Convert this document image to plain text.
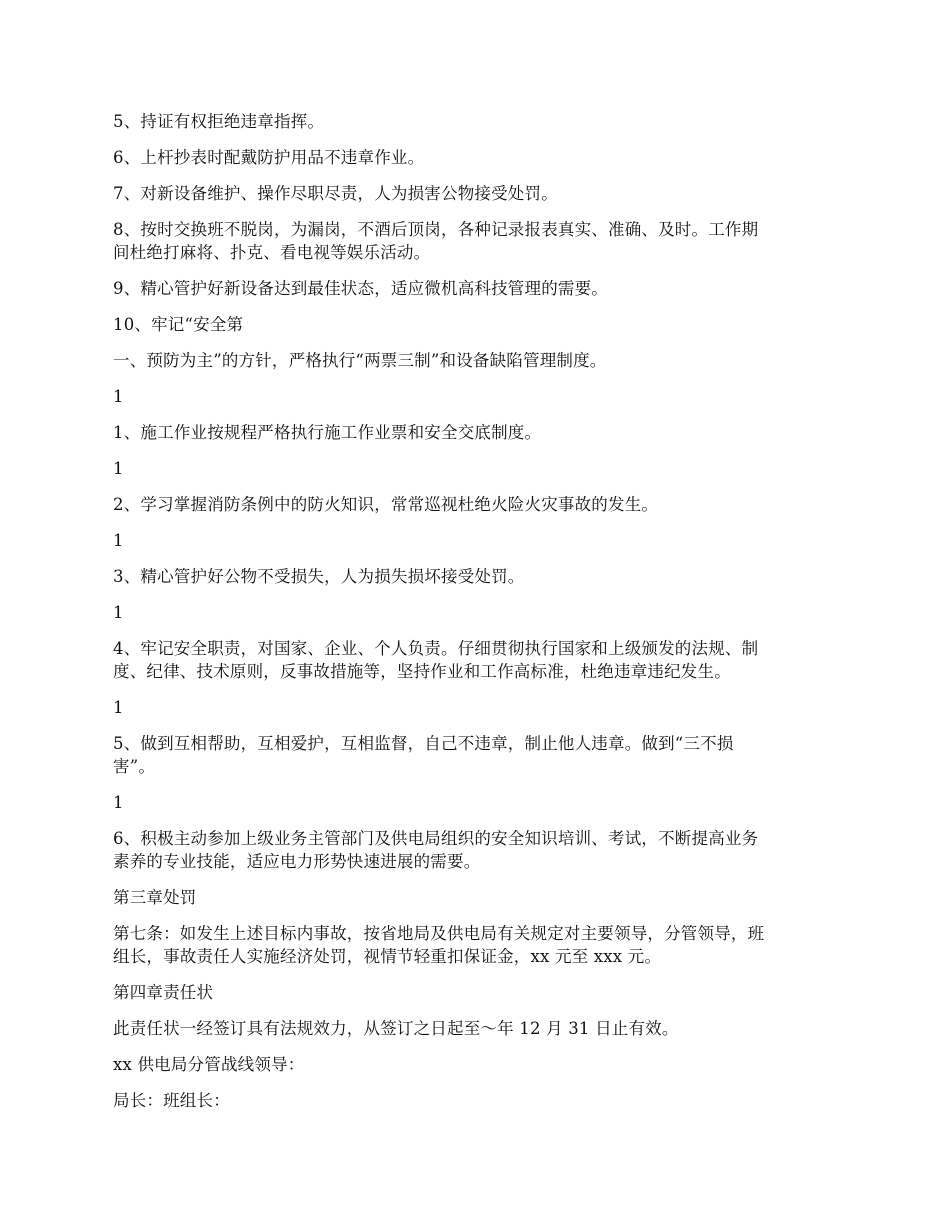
5、持证有权拒绝违章指挥。

6、上杆抄表时配戴防护用品不违章作业。

7、对新设备维护、操作尽职尽责，人为损害公物接受处罚。

8、按时交换班不脱岗，为漏岗，不酒后顶岗，各种记录报表真实、准确、及时。工作期
间杜绝打麻将、扑克、看电视等娱乐活动。

9、精心管护好新设备达到最佳状态，适应微机高科技管理的需要。

10、牢记“安全第

一、预防为主”的方针，严格执行“两票三制”和设备缺陷管理制度。

1

1、施工作业按规程严格执行施工作业票和安全交底制度。

1

2、学习掌握消防条例中的防火知识，常常巡视杜绝火险火灾事故的发生。

1

3、精心管护好公物不受损失，人为损失损坏接受处罚。

1

4、牢记安全职责，对国家、企业、个人负责。仔细贯彻执行国家和上级颁发的法规、制
度、纪律、技术原则，反事故措施等，坚持作业和工作高标准，杜绝违章违纪发生。

1

5、做到互相帮助，互相爱护，互相监督，自己不违章，制止他人违章。做到“三不损
害”。

1

6、积极主动参加上级业务主管部门及供电局组织的安全知识培训、考试，不断提高业务
素养的专业技能，适应电力形势快速进展的需要。

第三章处罚

第七条：如发生上述目标内事故，按省地局及供电局有关规定对主要领导，分管领导，班
组长，事故责任人实施经济处罚，视情节轻重扣保证金，xx 元至 xxx 元。

第四章责任状

此责任状一经签订具有法规效力，从签订之日起至～年 12 月 31 日止有效。

xx 供电局分管战线领导：

局长：班组长：
